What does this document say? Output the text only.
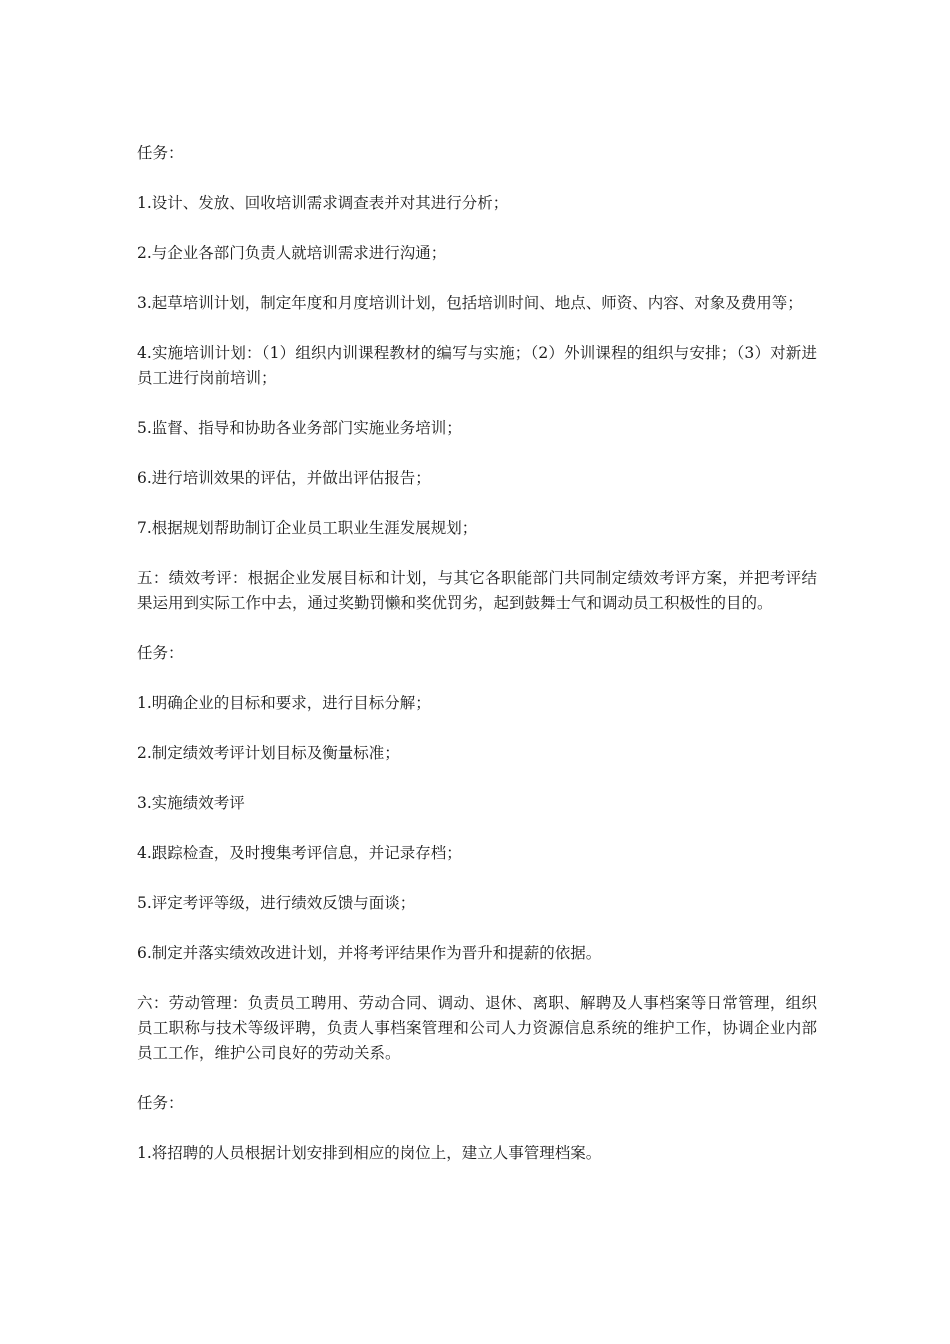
任务：

1.设计、发放、回收培训需求调查表并对其进行分析；

2.与企业各部门负责人就培训需求进行沟通；

3.起草培训计划，制定年度和月度培训计划，包括培训时间、地点、师资、内容、对象及费用等；

4.实施培训计划：（1）组织内训课程教材的编写与实施；（2）外训课程的组织与安排；（3）对新进员工进行岗前培训；

5.监督、指导和协助各业务部门实施业务培训；

6.进行培训效果的评估，并做出评估报告；

7.根据规划帮助制订企业员工职业生涯发展规划；

五：绩效考评：根据企业发展目标和计划，与其它各职能部门共同制定绩效考评方案，并把考评结果运用到实际工作中去，通过奖勤罚懒和奖优罚劣，起到鼓舞士气和调动员工积极性的目的。

任务：

1.明确企业的目标和要求，进行目标分解；

2.制定绩效考评计划目标及衡量标准；

3.实施绩效考评

4.跟踪检查，及时搜集考评信息，并记录存档；

5.评定考评等级，进行绩效反馈与面谈；

6.制定并落实绩效改进计划，并将考评结果作为晋升和提薪的依据。

六：劳动管理：负责员工聘用、劳动合同、调动、退休、离职、解聘及人事档案等日常管理，组织员工职称与技术等级评聘，负责人事档案管理和公司人力资源信息系统的维护工作，协调企业内部员工工作，维护公司良好的劳动关系。

任务：

1.将招聘的人员根据计划安排到相应的岗位上，建立人事管理档案。
